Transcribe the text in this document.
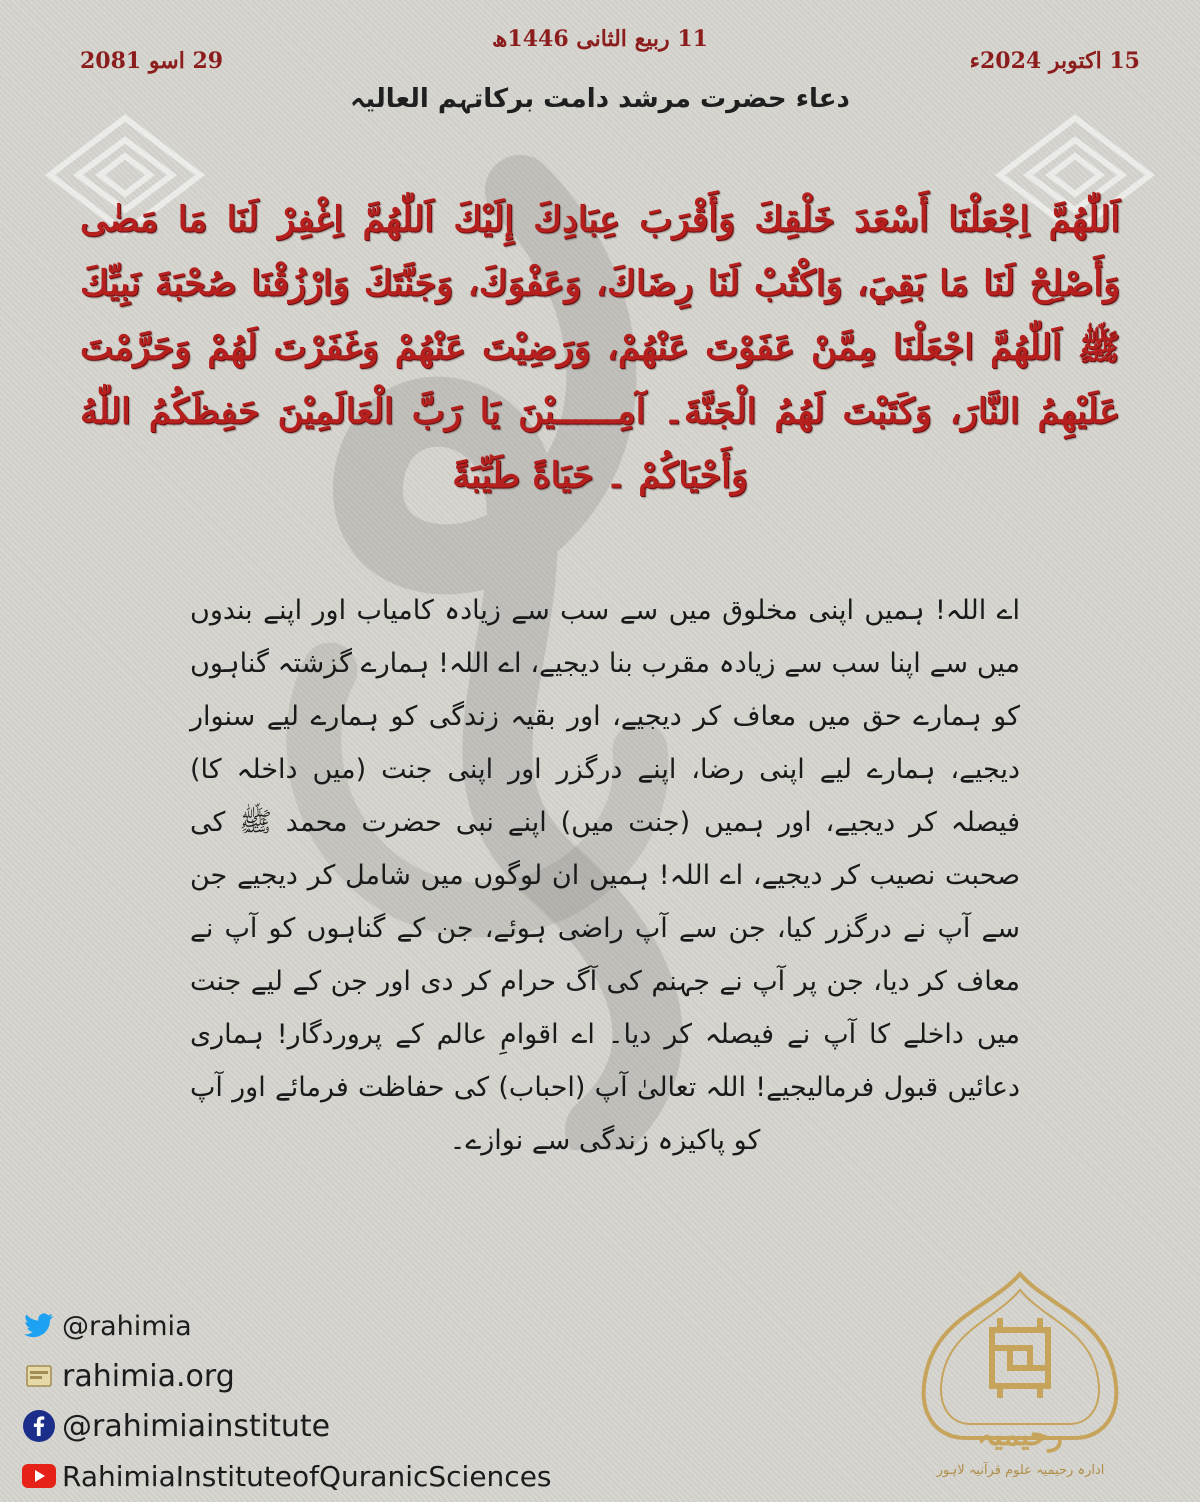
11 ربیع الثانی 1446ھ
15 اکتوبر 2024ء
29 اسو 2081
دعاء حضرت مرشد دامت برکاتہم العالیہ
اَللّٰهُمَّ اِجْعَلْنَا أَسْعَدَ خَلْقِكَ وَأَقْرَبَ عِبَادِكَ إِلَيْكَ اَللّٰهُمَّ اِغْفِرْ لَنَا مَا مَضٰى وَأَصْلِحْ لَنَا مَا بَقِيَ، وَاكْتُبْ لَنَا رِضَاكَ، وَعَفْوَكَ، وَجَنَّتَكَ وَارْزُقْنَا صُحْبَةَ نَبِيِّكَ ﷺ اَللّٰهُمَّ اجْعَلْنَا مِمَّنْ عَفَوْتَ عَنْهُمْ، وَرَضِيْتَ عَنْهُمْ وَغَفَرْتَ لَهُمْ وَحَرَّمْتَ عَلَيْهِمُ النَّارَ، وَكَتَبْتَ لَهُمُ الْجَنَّةَ۔ آمِــــــيْنَ يَا رَبَّ الْعَالَمِيْنَ حَفِظَكُمُ اللّٰهُ وَأَحْيَاكُمْ ۔ حَيَاةً طَيِّبَةً
اے اللہ! ہمیں اپنی مخلوق میں سے سب سے زیادہ کامیاب اور اپنے بندوں میں سے اپنا سب سے زیادہ مقرب بنا دیجیے، اے اللہ! ہمارے گزشتہ گناہوں کو ہمارے حق میں معاف کر دیجیے، اور بقیہ زندگی کو ہمارے لیے سنوار دیجیے، ہمارے لیے اپنی رضا، اپنے درگزر اور اپنی جنت (میں داخلہ کا) فیصلہ کر دیجیے، اور ہمیں (جنت میں) اپنے نبی حضرت محمد ﷺ کی صحبت نصیب کر دیجیے، اے اللہ! ہمیں ان لوگوں میں شامل کر دیجیے جن سے آپ نے درگزر کیا، جن سے آپ راضی ہوئے، جن کے گناہوں کو آپ نے معاف کر دیا، جن پر آپ نے جہنم کی آگ حرام کر دی اور جن کے لیے جنت میں داخلے کا آپ نے فیصلہ کر دیا۔ اے اقوامِ عالم کے پروردگار! ہماری دعائیں قبول فرمالیجیے! اللہ تعالیٰ آپ (احباب) کی حفاظت فرمائے اور آپ کو پاکیزہ زندگی سے نوازے۔
@rahimia
rahimia.org
@rahimiainstitute
RahimiaInstituteofQuranicSciences
رحیمیہ
ادارہ رحیمیہ علوم قرآنیہ لاہور
